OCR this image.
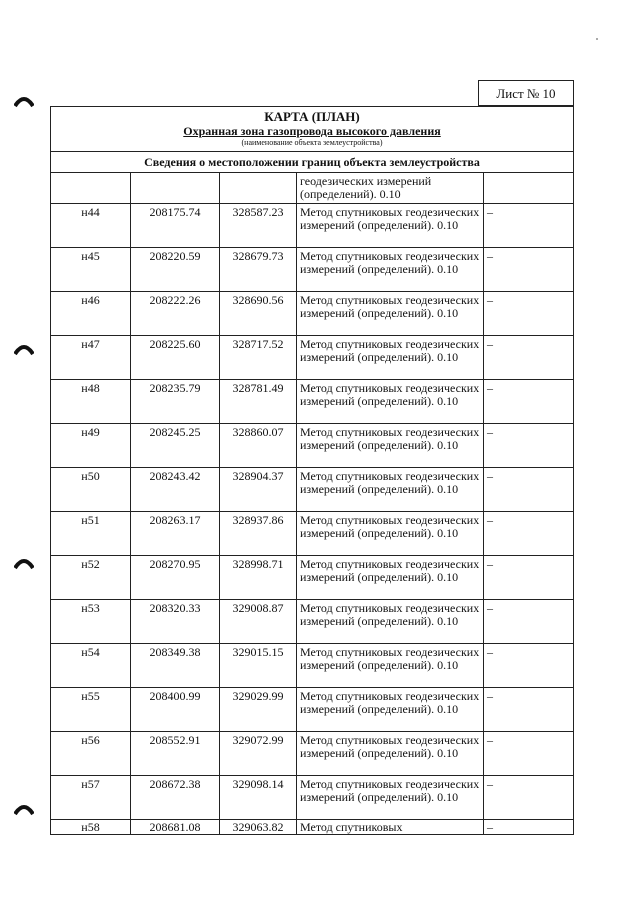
Лист № 10
КАРТА (ПЛАН)
Охранная зона газопровода высокого давления
(наименование объекта землеустройства)
Сведения о местоположении границ объекта землеустройства
			геодезических измерений (определений). 0.10	
н44	208175.74	328587.23	Метод спутниковых геодезических измерений (определений). 0.10	–
н45	208220.59	328679.73	Метод спутниковых геодезических измерений (определений). 0.10	–
н46	208222.26	328690.56	Метод спутниковых геодезических измерений (определений). 0.10	–
н47	208225.60	328717.52	Метод спутниковых геодезических измерений (определений). 0.10	–
н48	208235.79	328781.49	Метод спутниковых геодезических измерений (определений). 0.10	–
н49	208245.25	328860.07	Метод спутниковых геодезических измерений (определений). 0.10	–
н50	208243.42	328904.37	Метод спутниковых геодезических измерений (определений). 0.10	–
н51	208263.17	328937.86	Метод спутниковых геодезических измерений (определений). 0.10	–
н52	208270.95	328998.71	Метод спутниковых геодезических измерений (определений). 0.10	–
н53	208320.33	329008.87	Метод спутниковых геодезических измерений (определений). 0.10	–
н54	208349.38	329015.15	Метод спутниковых геодезических измерений (определений). 0.10	–
н55	208400.99	329029.99	Метод спутниковых геодезических измерений (определений). 0.10	–
н56	208552.91	329072.99	Метод спутниковых геодезических измерений (определений). 0.10	–
н57	208672.38	329098.14	Метод спутниковых геодезических измерений (определений). 0.10	–
н58	208681.08	329063.82	Метод спутниковых	–
